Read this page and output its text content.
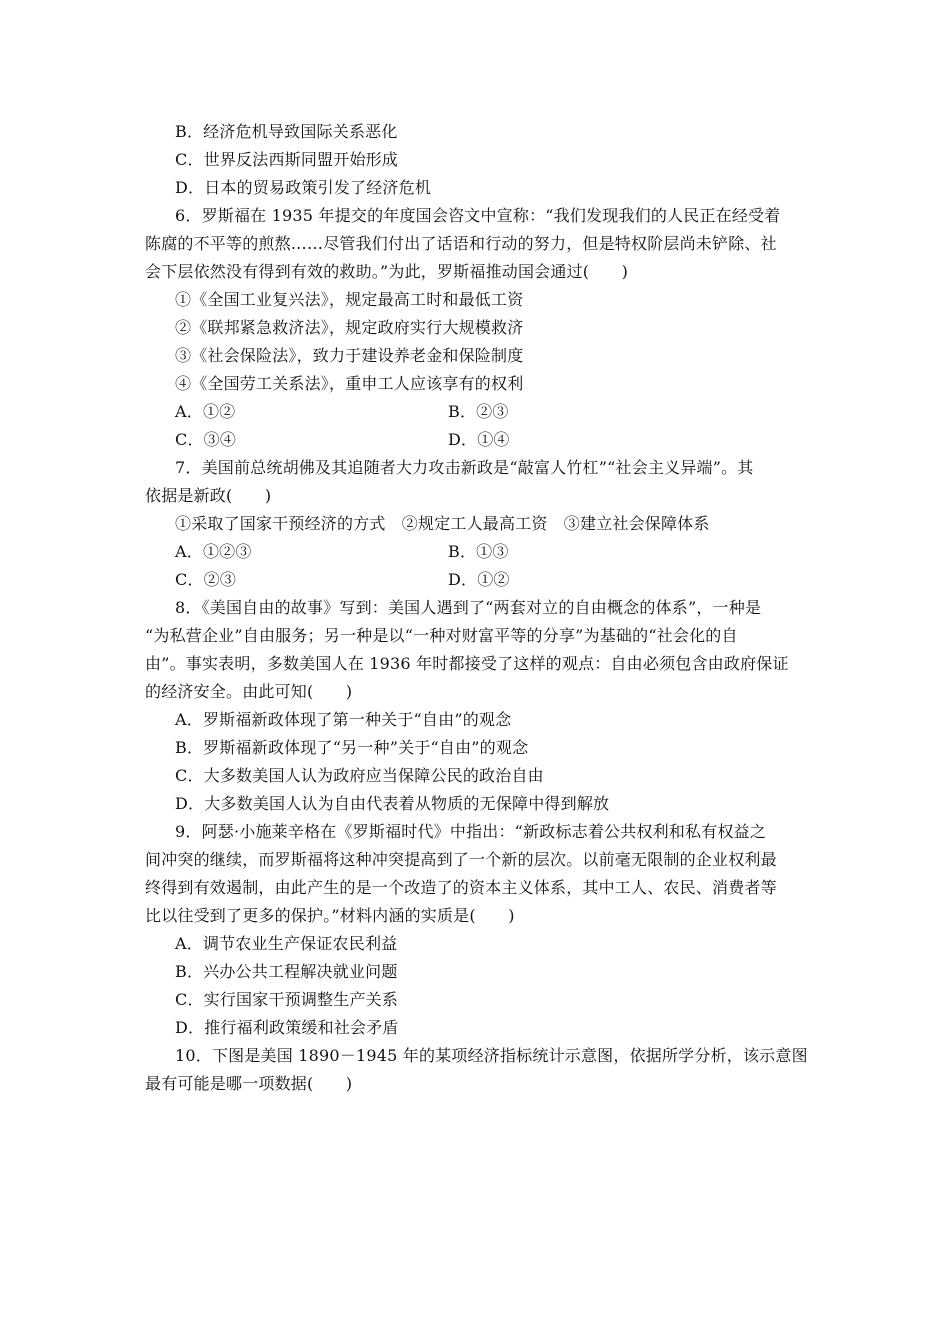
B．经济危机导致国际关系恶化
C．世界反法西斯同盟开始形成
D．日本的贸易政策引发了经济危机
6．罗斯福在 1935 年提交的年度国会咨文中宣称：“我们发现我们的人民正在经受着
陈腐的不平等的煎熬……尽管我们付出了话语和行动的努力，但是特权阶层尚未铲除、社
会下层依然没有得到有效的救助。”为此，罗斯福推动国会通过(　　)
①《全国工业复兴法》，规定最高工时和最低工资
②《联邦紧急救济法》，规定政府实行大规模救济
③《社会保险法》，致力于建设养老金和保险制度
④《全国劳工关系法》，重申工人应该享有的权利
A．①②	B．②③
C．③④	D．①④
7．美国前总统胡佛及其追随者大力攻击新政是“敲富人竹杠”“社会主义异端”。其
依据是新政(　　)
①采取了国家干预经济的方式　②规定工人最高工资　③建立社会保障体系
A．①②③	B．①③
C．②③	D．①②
8．《美国自由的故事》写到：美国人遇到了“两套对立的自由概念的体系”，一种是
“为私营企业”自由服务；另一种是以“一种对财富平等的分享”为基础的“社会化的自
由”。事实表明，多数美国人在 1936 年时都接受了这样的观点：自由必须包含由政府保证
的经济安全。由此可知(　　)
A．罗斯福新政体现了第一种关于“自由”的观念
B．罗斯福新政体现了“另一种”关于“自由”的观念
C．大多数美国人认为政府应当保障公民的政治自由
D．大多数美国人认为自由代表着从物质的无保障中得到解放
9．阿瑟·小施莱辛格在《罗斯福时代》中指出：“新政标志着公共权利和私有权益之
间冲突的继续，而罗斯福将这种冲突提高到了一个新的层次。以前毫无限制的企业权利最
终得到有效遏制，由此产生的是一个改造了的资本主义体系，其中工人、农民、消费者等
比以往受到了更多的保护。”材料内涵的实质是(　　)
A．调节农业生产保证农民利益
B．兴办公共工程解决就业问题
C．实行国家干预调整生产关系
D．推行福利政策缓和社会矛盾
10．下图是美国 1890－1945 年的某项经济指标统计示意图，依据所学分析，该示意图
最有可能是哪一项数据(　　)
